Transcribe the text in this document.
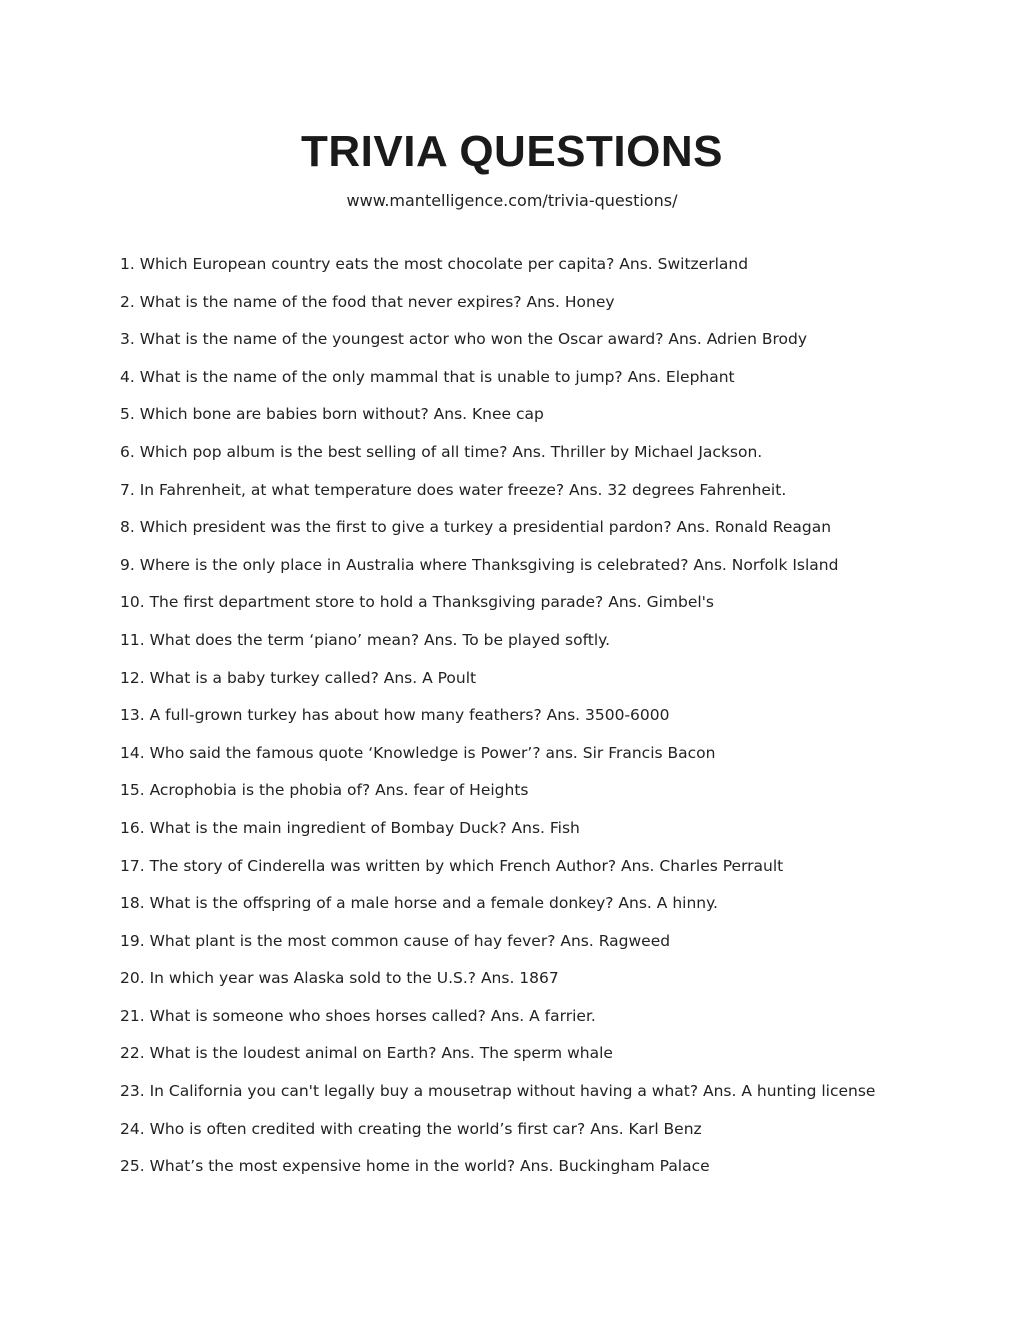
TRIVIA QUESTIONS
www.mantelligence.com/trivia-questions/
1. Which European country eats the most chocolate per capita? Ans. Switzerland
2. What is the name of the food that never expires? Ans. Honey
3. What is the name of the youngest actor who won the Oscar award? Ans. Adrien Brody
4. What is the name of the only mammal that is unable to jump? Ans. Elephant
5. Which bone are babies born without? Ans. Knee cap
6. Which pop album is the best selling of all time? Ans. Thriller by Michael Jackson.
7. In Fahrenheit, at what temperature does water freeze? Ans. 32 degrees Fahrenheit.
8. Which president was the first to give a turkey a presidential pardon? Ans. Ronald Reagan
9. Where is the only place in Australia where Thanksgiving is celebrated? Ans. Norfolk Island
10. The first department store to hold a Thanksgiving parade? Ans. Gimbel's
11. What does the term ‘piano’ mean? Ans. To be played softly.
12. What is a baby turkey called? Ans. A Poult
13. A full-grown turkey has about how many feathers? Ans. 3500-6000
14. Who said the famous quote ‘Knowledge is Power’? ans. Sir Francis Bacon
15. Acrophobia is the phobia of? Ans. fear of Heights
16. What is the main ingredient of Bombay Duck? Ans. Fish
17. The story of Cinderella was written by which French Author? Ans. Charles Perrault
18. What is the offspring of a male horse and a female donkey? Ans. A hinny.
19. What plant is the most common cause of hay fever? Ans. Ragweed
20. In which year was Alaska sold to the U.S.? Ans. 1867
21. What is someone who shoes horses called? Ans. A farrier.
22. What is the loudest animal on Earth? Ans. The sperm whale
23. In California you can't legally buy a mousetrap without having a what? Ans. A hunting license
24. Who is often credited with creating the world’s first car? Ans. Karl Benz
25. What’s the most expensive home in the world? Ans. Buckingham Palace
